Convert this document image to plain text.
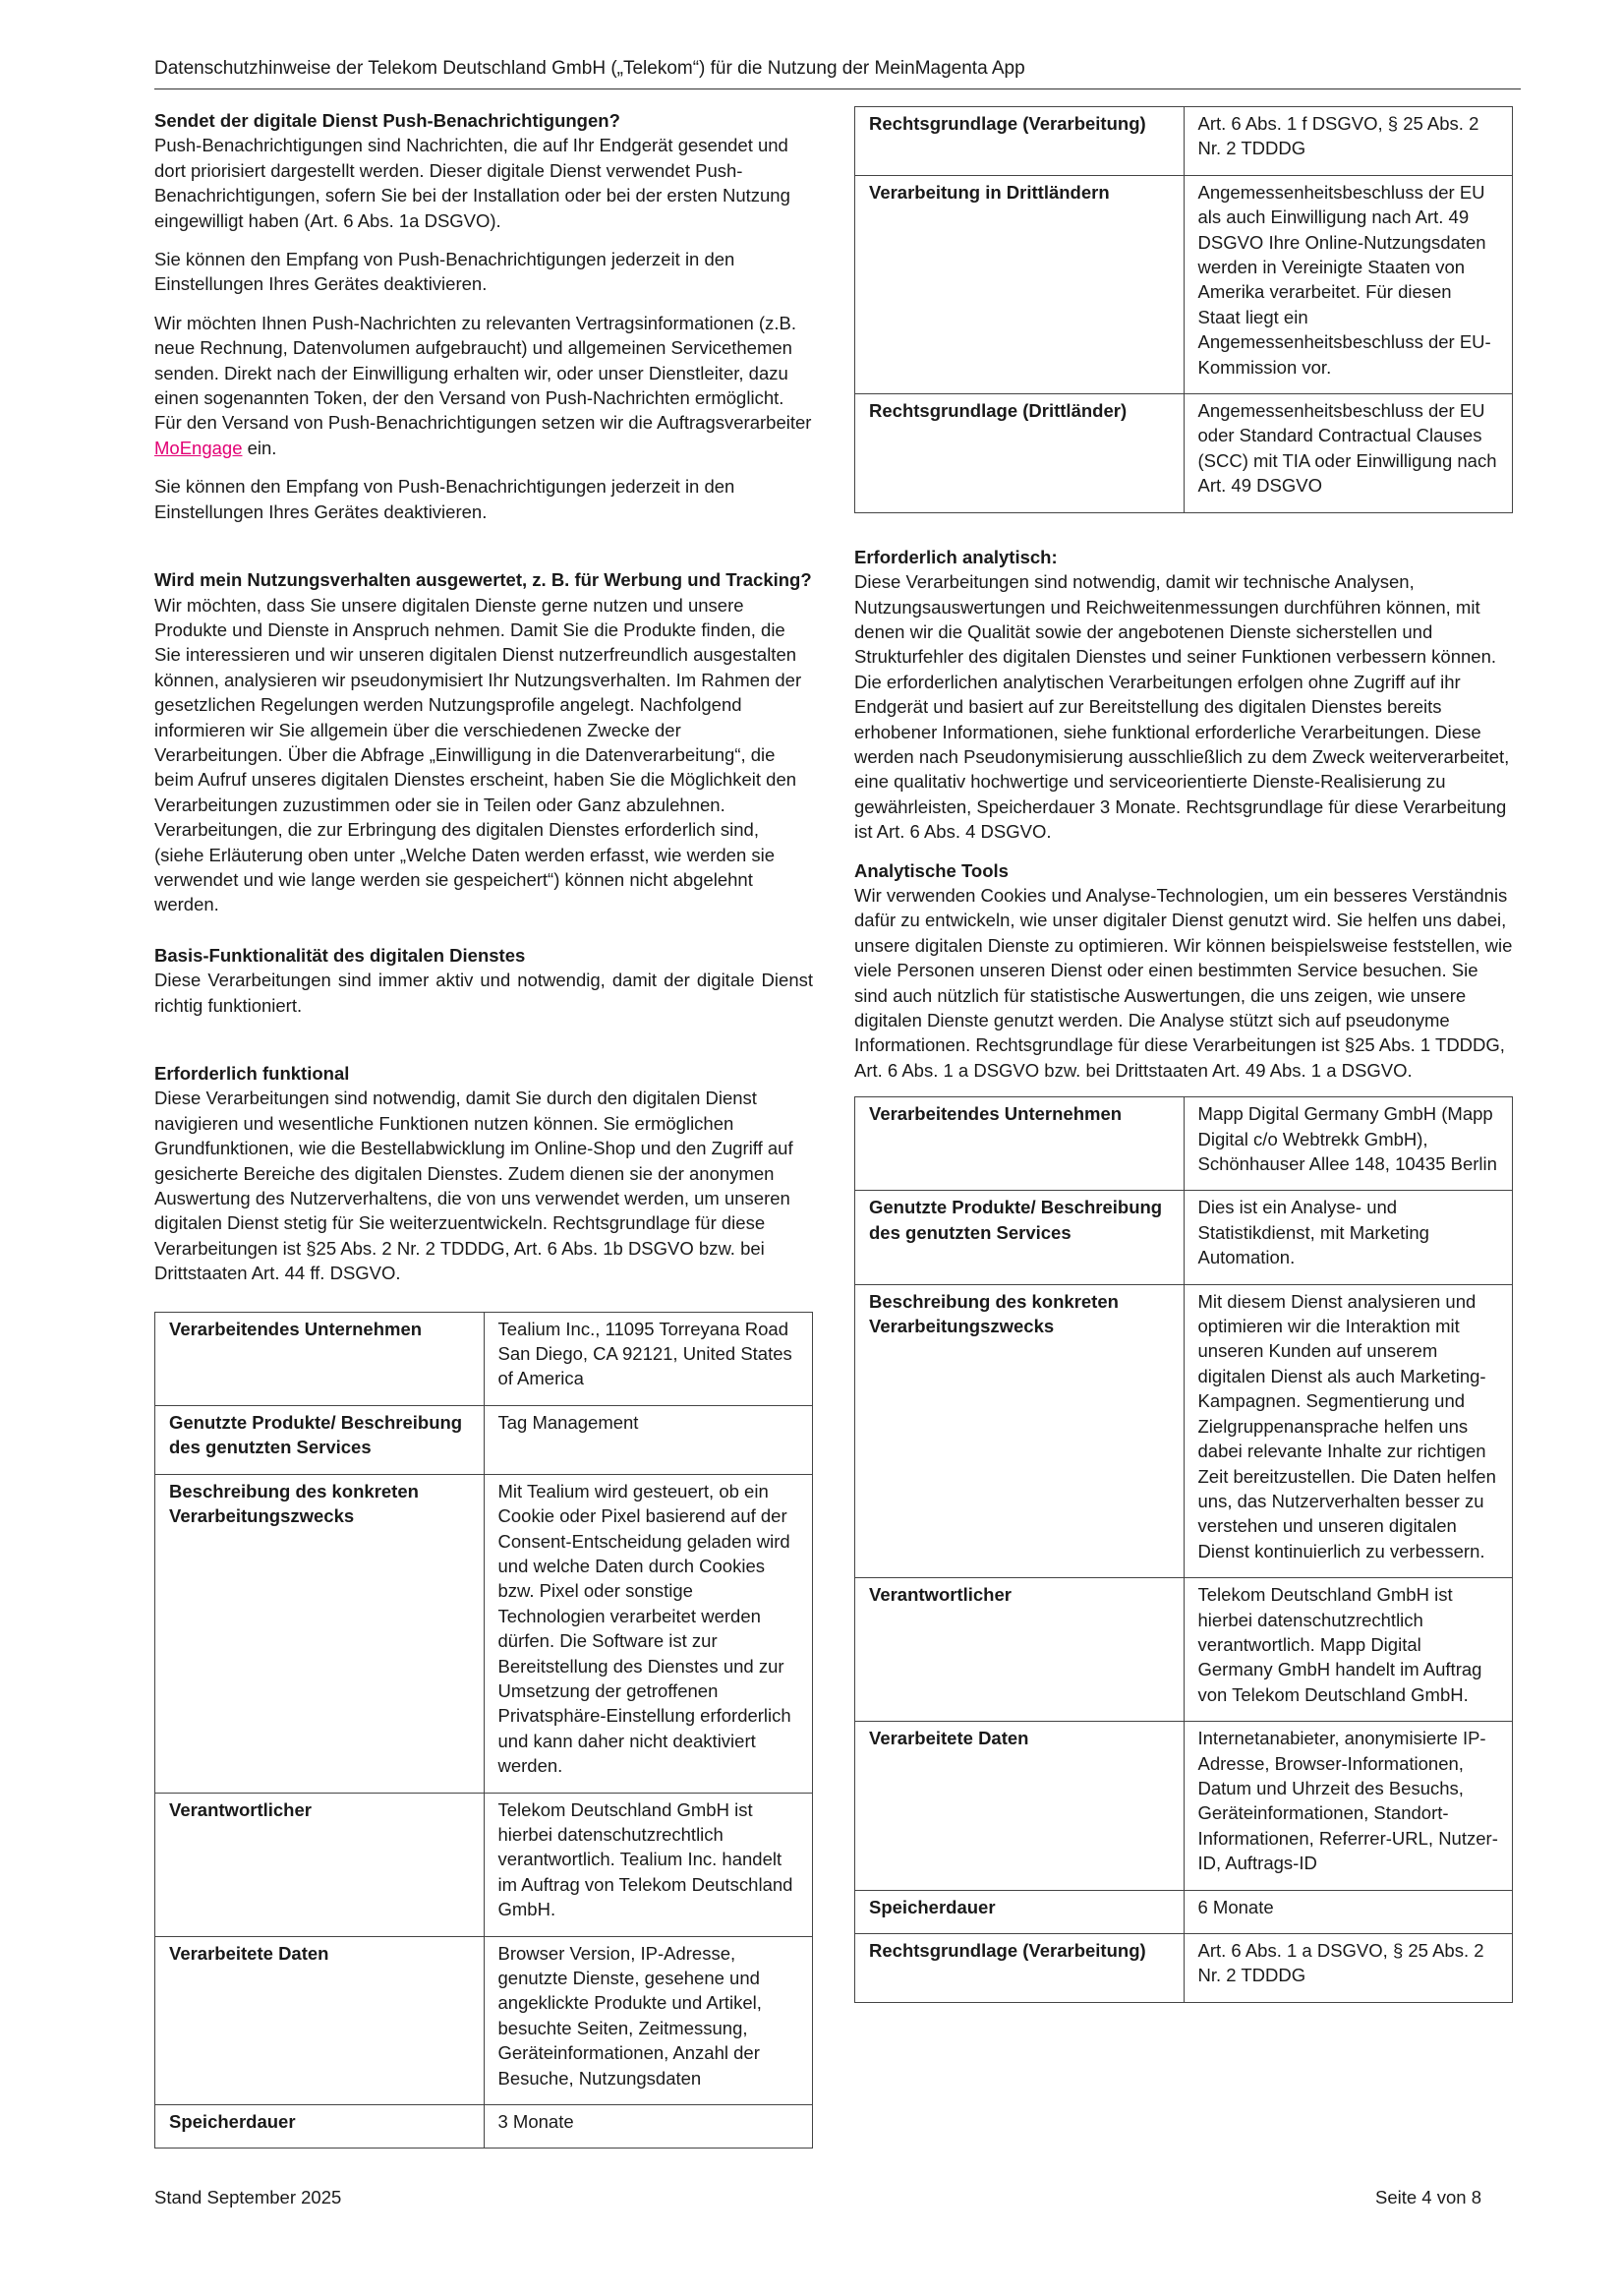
Datenschutzhinweise der Telekom Deutschland GmbH („Telekom“) für die Nutzung der MeinMagenta App

Sendet der digitale Dienst Push-Benachrichtigungen?
Push-Benachrichtigungen sind Nachrichten, die auf Ihr Endgerät gesendet und dort priorisiert dargestellt werden. Dieser digitale Dienst verwendet Push-Benachrichtigungen, sofern Sie bei der Installation oder bei der ersten Nutzung eingewilligt haben (Art. 6 Abs. 1a DSGVO).

Sie können den Empfang von Push-Benachrichtigungen jederzeit in den Einstellungen Ihres Gerätes deaktivieren.

Wir möchten Ihnen Push-Nachrichten zu relevanten Vertragsinformationen (z.B. neue Rechnung, Datenvolumen aufgebraucht) und allgemeinen Servicethemen senden. Direkt nach der Einwilligung erhalten wir, oder unser Dienstleiter, dazu einen sogenannten Token, der den Versand von Push-Nachrichten ermöglicht. Für den Versand von Push-Benachrichtigungen setzen wir die Auftragsverarbeiter MoEngage ein.

Sie können den Empfang von Push-Benachrichtigungen jederzeit in den Einstellungen Ihres Gerätes deaktivieren.

Wird mein Nutzungsverhalten ausgewertet, z. B. für Werbung und Tracking?
Wir möchten, dass Sie unsere digitalen Dienste gerne nutzen und unsere Produkte und Dienste in Anspruch nehmen. Damit Sie die Produkte finden, die Sie interessieren und wir unseren digitalen Dienst nutzerfreundlich ausgestalten können, analysieren wir pseudonymisiert Ihr Nutzungsverhalten. Im Rahmen der gesetzlichen Regelungen werden Nutzungsprofile angelegt. Nachfolgend informieren wir Sie allgemein über die verschiedenen Zwecke der Verarbeitungen. Über die Abfrage „Einwilligung in die Datenverarbeitung“, die beim Aufruf unseres digitalen Dienstes erscheint, haben Sie die Möglichkeit den Verarbeitungen zuzustimmen oder sie in Teilen oder Ganz abzulehnen. Verarbeitungen, die zur Erbringung des digitalen Dienstes erforderlich sind, (siehe Erläuterung oben unter „Welche Daten werden erfasst, wie werden sie verwendet und wie lange werden sie gespeichert“) können nicht abgelehnt werden.

Basis-Funktionalität des digitalen Dienstes
Diese Verarbeitungen sind immer aktiv und notwendig, damit der digitale Dienst richtig funktioniert.

Erforderlich funktional
Diese Verarbeitungen sind notwendig, damit Sie durch den digitalen Dienst navigieren und wesentliche Funktionen nutzen können. Sie ermöglichen Grundfunktionen, wie die Bestellabwicklung im Online-Shop und den Zugriff auf gesicherte Bereiche des digitalen Dienstes. Zudem dienen sie der anonymen Auswertung des Nutzerverhaltens, die von uns verwendet werden, um unseren digitalen Dienst stetig für Sie weiterzuentwickeln. Rechtsgrundlage für diese Verarbeitungen ist §25 Abs. 2 Nr. 2 TDDDG, Art. 6 Abs. 1b DSGVO bzw. bei Drittstaaten Art. 44 ff. DSGVO.

Verarbeitendes Unternehmen	Tealium Inc., 11095 Torreyana Road San Diego, CA 92121, United States of America
Genutzte Produkte/ Beschreibung des genutzten Services	Tag Management
Beschreibung des konkreten Verarbeitungszwecks	Mit Tealium wird gesteuert, ob ein Cookie oder Pixel basierend auf der Consent-Entscheidung geladen wird und welche Daten durch Cookies bzw. Pixel oder sonstige Technologien verarbeitet werden dürfen. Die Software ist zur Bereitstellung des Dienstes und zur Umsetzung der getroffenen Privatsphäre-Einstellung erforderlich und kann daher nicht deaktiviert werden.
Verantwortlicher	Telekom Deutschland GmbH ist hierbei datenschutzrechtlich verantwortlich. Tealium Inc. handelt im Auftrag von Telekom Deutschland GmbH.
Verarbeitete Daten	Browser Version, IP-Adresse, genutzte Dienste, gesehene und angeklickte Produkte und Artikel, besuchte Seiten, Zeitmessung, Geräteinformationen, Anzahl der Besuche, Nutzungsdaten
Speicherdauer	3 Monate
Rechtsgrundlage (Verarbeitung)	Art. 6 Abs. 1 f DSGVO, § 25 Abs. 2 Nr. 2 TDDDG
Verarbeitung in Drittländern	Angemessenheitsbeschluss der EU als auch Einwilligung nach Art. 49 DSGVO Ihre Online-Nutzungsdaten werden in Vereinigte Staaten von Amerika verarbeitet. Für diesen Staat liegt ein Angemessenheitsbeschluss der EU-Kommission vor.
Rechtsgrundlage (Drittländer)	Angemessenheitsbeschluss der EU oder Standard Contractual Clauses (SCC) mit TIA oder Einwilligung nach Art. 49 DSGVO

Erforderlich analytisch:
Diese Verarbeitungen sind notwendig, damit wir technische Analysen, Nutzungsauswertungen und Reichweitenmessungen durchführen können, mit denen wir die Qualität sowie der angebotenen Dienste sicherstellen und Strukturfehler des digitalen Dienstes und seiner Funktionen verbessern können. Die erforderlichen analytischen Verarbeitungen erfolgen ohne Zugriff auf ihr Endgerät und basiert auf zur Bereitstellung des digitalen Dienstes bereits erhobener Informationen, siehe funktional erforderliche Verarbeitungen. Diese werden nach Pseudonymisierung ausschließlich zu dem Zweck weiterverarbeitet, eine qualitativ hochwertige und serviceorientierte Dienste-Realisierung zu gewährleisten, Speicherdauer 3 Monate. Rechtsgrundlage für diese Verarbeitung ist Art. 6 Abs. 4 DSGVO.

Analytische Tools
Wir verwenden Cookies und Analyse-Technologien, um ein besseres Verständnis dafür zu entwickeln, wie unser digitaler Dienst genutzt wird. Sie helfen uns dabei, unsere digitalen Dienste zu optimieren. Wir können beispielsweise feststellen, wie viele Personen unseren Dienst oder einen bestimmten Service besuchen. Sie sind auch nützlich für statistische Auswertungen, die uns zeigen, wie unsere digitalen Dienste genutzt werden. Die Analyse stützt sich auf pseudonyme Informationen. Rechtsgrundlage für diese Verarbeitungen ist §25 Abs. 1 TDDDG, Art. 6 Abs. 1 a DSGVO bzw. bei Drittstaaten Art. 49 Abs. 1 a DSGVO.

Verarbeitendes Unternehmen	Mapp Digital Germany GmbH (Mapp Digital c/o Webtrekk GmbH), Schönhauser Allee 148, 10435 Berlin
Genutzte Produkte/ Beschreibung des genutzten Services	Dies ist ein Analyse- und Statistikdienst, mit Marketing Automation.
Beschreibung des konkreten Verarbeitungszwecks	Mit diesem Dienst analysieren und optimieren wir die Interaktion mit unseren Kunden auf unserem digitalen Dienst als auch Marketing-Kampagnen. Segmentierung und Zielgruppenansprache helfen uns dabei relevante Inhalte zur richtigen Zeit bereitzustellen. Die Daten helfen uns, das Nutzerverhalten besser zu verstehen und unseren digitalen Dienst kontinuierlich zu verbessern.
Verantwortlicher	Telekom Deutschland GmbH ist hierbei datenschutzrechtlich verantwortlich. Mapp Digital Germany GmbH handelt im Auftrag von Telekom Deutschland GmbH.
Verarbeitete Daten	Internetanabieter, anonymisierte IP-Adresse, Browser-Informationen, Datum und Uhrzeit des Besuchs, Geräteinformationen, Standort-Informationen, Referrer-URL, Nutzer-ID, Auftrags-ID
Speicherdauer	6 Monate
Rechtsgrundlage (Verarbeitung)	Art. 6 Abs. 1 a DSGVO, § 25 Abs. 2 Nr. 2 TDDDG
Stand September 2025	Seite 4 von 8
